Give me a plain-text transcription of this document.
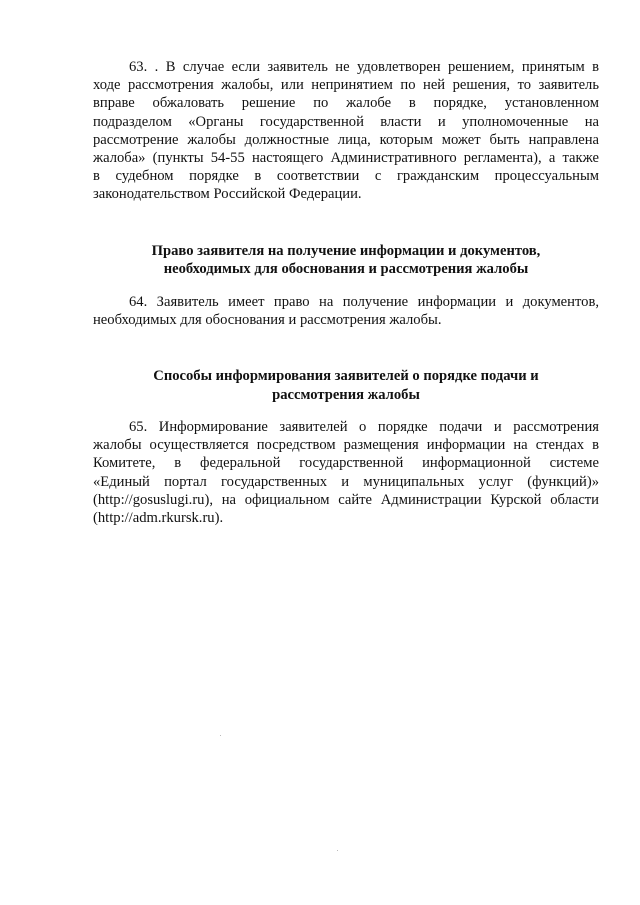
63. . В случае если заявитель не удовлетворен решением, принятым в
ходе рассмотрения жалобы, или непринятием по ней решения, то заявитель
вправе обжаловать решение по жалобе в порядке, установленном
подразделом «Органы государственной власти и уполномоченные на
рассмотрение жалобы должностные лица, которым может быть направлена
жалоба» (пункты 54-55 настоящего Административного регламента), а также
в судебном порядке в соответствии с гражданским процессуальным
законодательством Российской Федерации.

Право заявителя на получение информации и документов,
необходимых для обоснования и рассмотрения жалобы

64. Заявитель имеет право на получение информации и документов,
необходимых для обоснования и рассмотрения жалобы.

Способы информирования заявителей о порядке подачи и
рассмотрения жалобы

65. Информирование заявителей о порядке подачи и рассмотрения
жалобы осуществляется посредством размещения информации на стендах в
Комитете, в федеральной государственной информационной системе
«Единый портал государственных и муниципальных услуг (функций)»
(http://gosuslugi.ru), на официальном сайте Администрации Курской области
(http://adm.rkursk.ru).
